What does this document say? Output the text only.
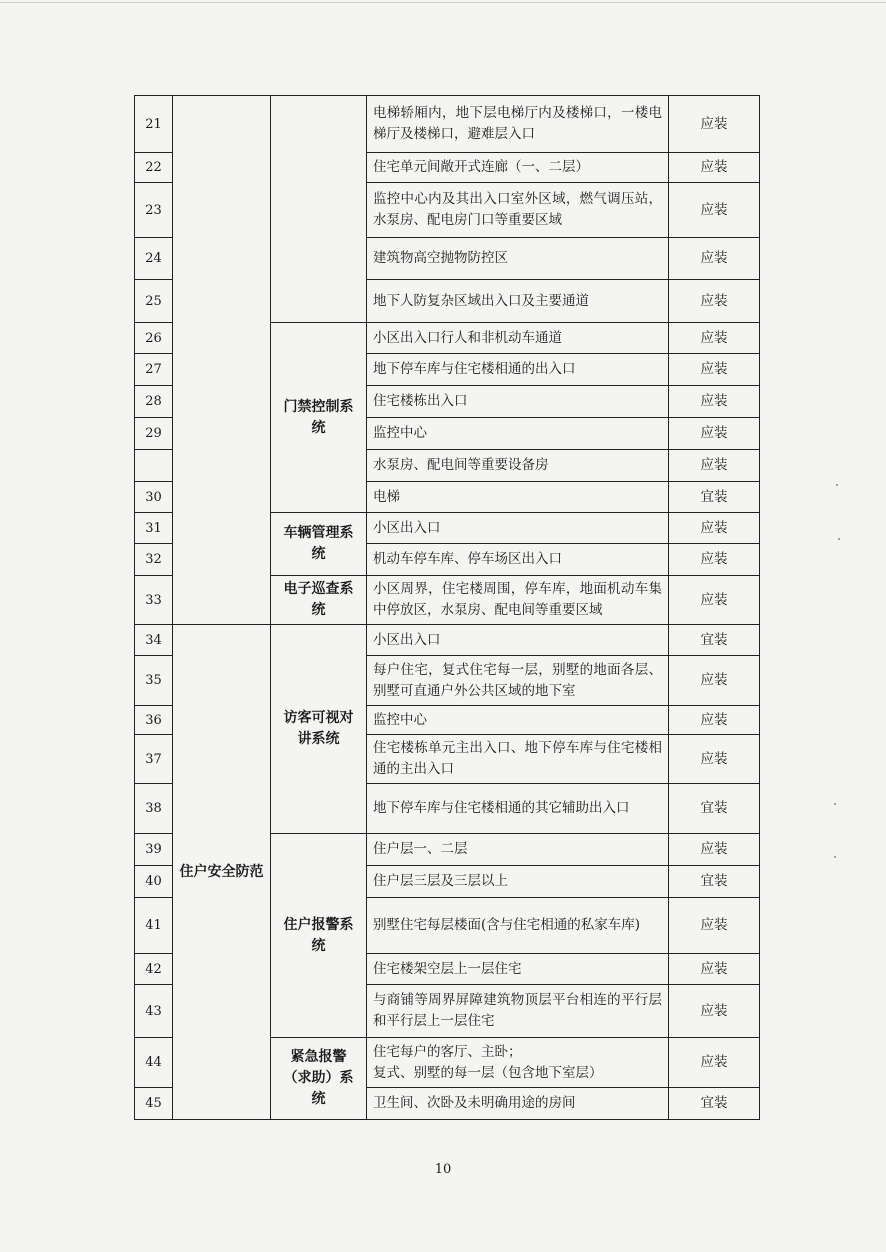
21			电梯轿厢内，地下层电梯厅内及楼梯口，一楼电梯厅及楼梯口，避难层入口	应装
22			住宅单元间敞开式连廊（一、二层）	应装
23			监控中心内及其出入口室外区域，燃气调压站，水泵房、配电房门口等重要区域	应装
24			建筑物高空抛物防控区	应装
25			地下人防复杂区域出入口及主要通道	应装
26		门禁控制系统	小区出入口行人和非机动车通道	应装
27			地下停车库与住宅楼相通的出入口	应装
28			住宅楼栋出入口	应装
29			监控中心	应装
			水泵房、配电间等重要设备房	应装
30			电梯	宜装
31		车辆管理系统	小区出入口	应装
32			机动车停车库、停车场区出入口	应装
33		电子巡查系统	小区周界，住宅楼周围，停车库，地面机动车集中停放区，水泵房、配电间等重要区域	应装
34	住户安全防范	访客可视对讲系统	小区出入口	宜装
35			每户住宅，复式住宅每一层，别墅的地面各层、别墅可直通户外公共区域的地下室	应装
36			监控中心	应装
37			住宅楼栋单元主出入口、地下停车库与住宅楼相通的主出入口	应装
38			地下停车库与住宅楼相通的其它辅助出入口	宜装
39		住户报警系统	住户层一、二层	应装
40			住户层三层及三层以上	宜装
41			别墅住宅每层楼面(含与住宅相通的私家车库)	应装
42			住宅楼架空层上一层住宅	应装
43			与商铺等周界屏障建筑物顶层平台相连的平行层和平行层上一层住宅	应装
44		紧急报警（求助）系统	住宅每户的客厅、主卧；
复式、别墅的每一层（包含地下室层）	应装
45			卫生间、次卧及未明确用途的房间	宜装
10
